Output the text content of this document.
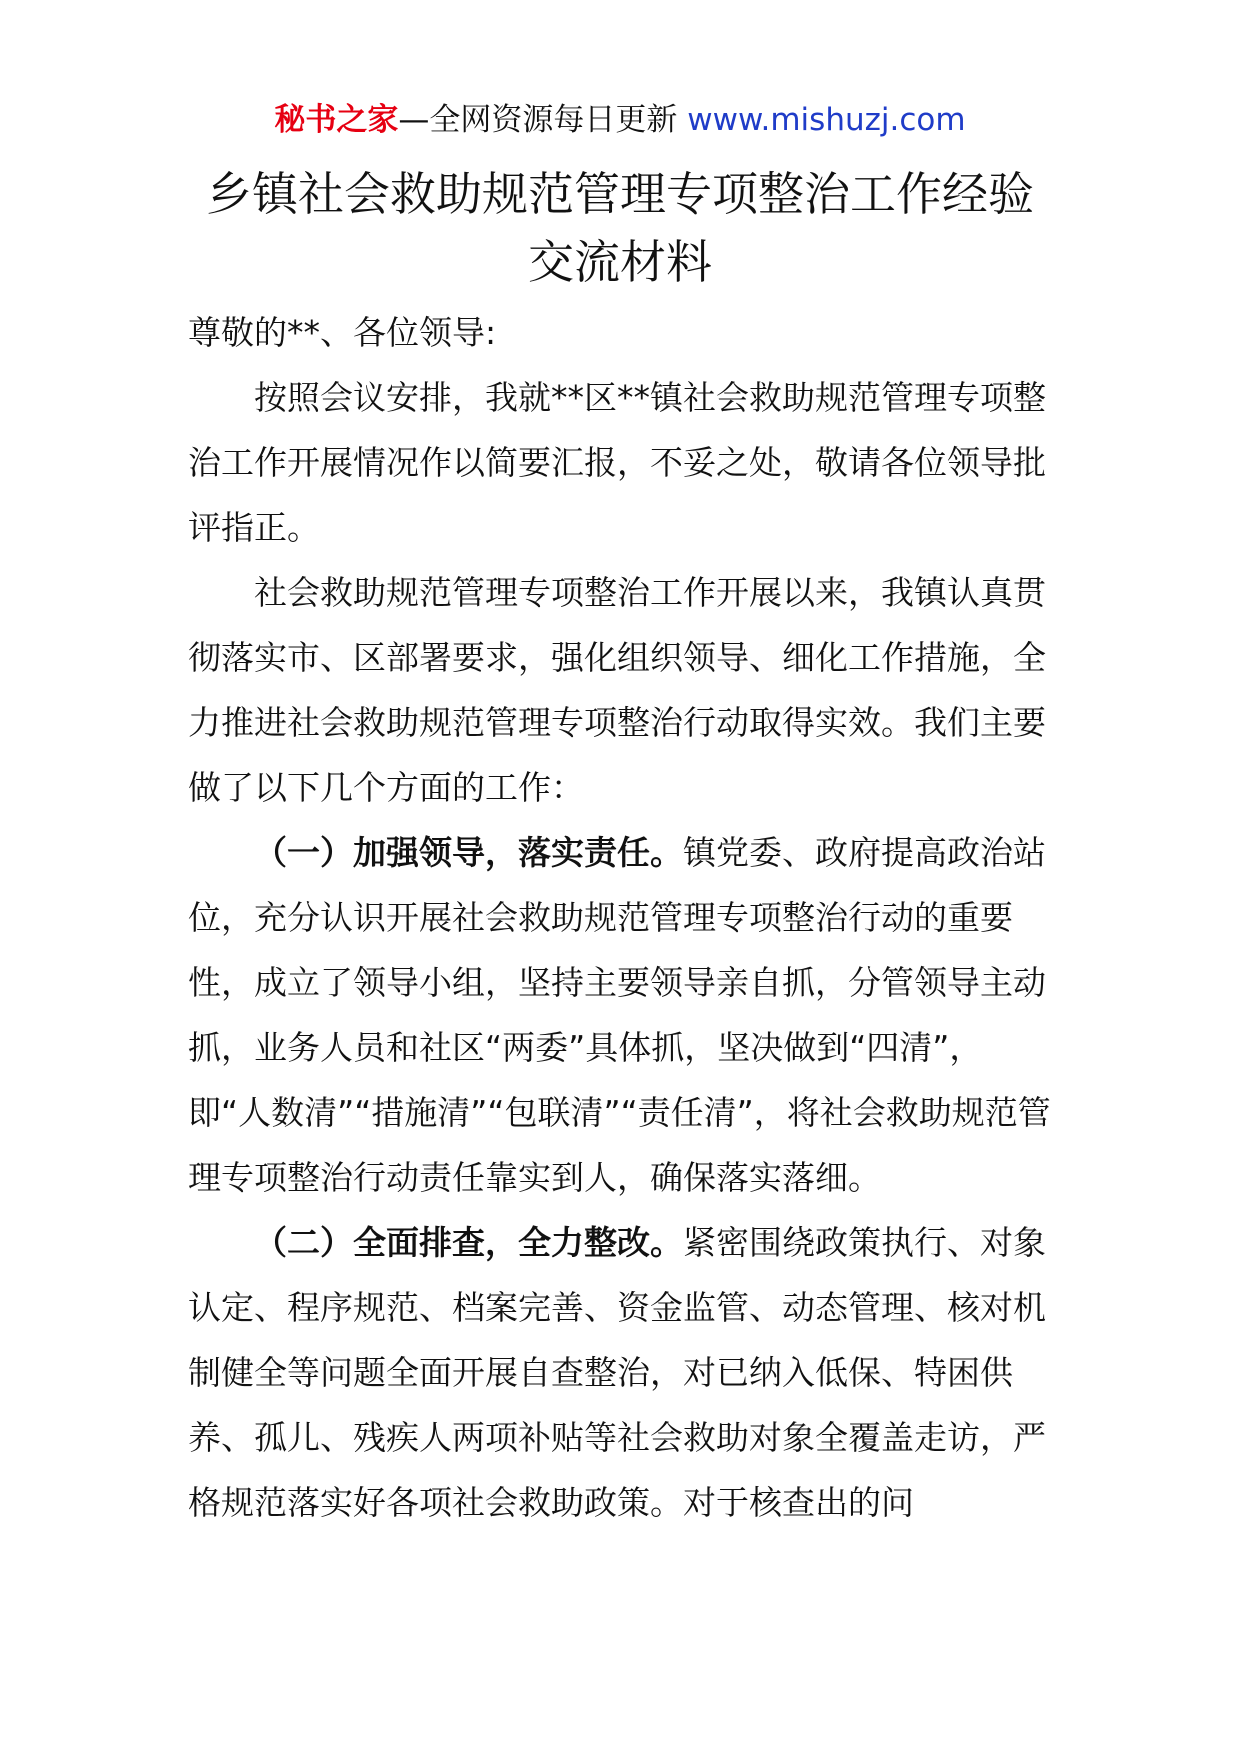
秘书之家—全网资源每日更新 www.mishuzj.com
乡镇社会救助规范管理专项整治工作经验
交流材料

尊敬的**、各位领导:

按照会议安排，我就**区**镇社会救助规范管理专项整治工作开展情况作以简要汇报，不妥之处，敬请各位领导批评指正。

社会救助规范管理专项整治工作开展以来，我镇认真贯彻落实市、区部署要求，强化组织领导、细化工作措施，全力推进社会救助规范管理专项整治行动取得实效。我们主要做了以下几个方面的工作：

（一）加强领导，落实责任。镇党委、政府提高政治站位，充分认识开展社会救助规范管理专项整治行动的重要性，成立了领导小组，坚持主要领导亲自抓，分管领导主动抓，业务人员和社区“两委”具体抓，坚决做到“四清”，即“人数清”“措施清”“包联清”“责任清”，将社会救助规范管理专项整治行动责任靠实到人，确保落实落细。

（二）全面排查，全力整改。紧密围绕政策执行、对象认定、程序规范、档案完善、资金监管、动态管理、核对机制健全等问题全面开展自查整治，对已纳入低保、特困供养、孤儿、残疾人两项补贴等社会救助对象全覆盖走访，严格规范落实好各项社会救助政策。对于核查出的问
